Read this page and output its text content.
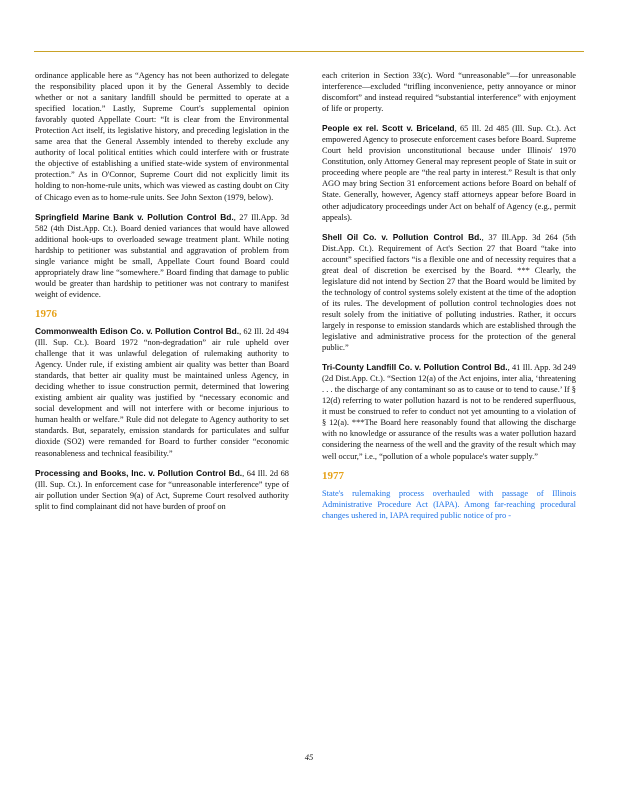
ordinance applicable here as “Agency has not been authorized to delegate the responsibility placed upon it by the General Assembly to decide whether or not a sanitary landfill should be permitted to operate at a specified location.” Lastly, Supreme Court's supplemental opinion favorably quoted Appellate Court: “It is clear from the Environmental Protection Act itself, its legislative history, and preceding legislation in the same area that the General Assembly intended to thereby exclude any authority of local political entities which could interfere with or frustrate the objective of establishing a unified state-wide system of environmental protection.” As in O'Connor, Supreme Court did not explicitly limit its holding to non-home-rule units, which was viewed as casting doubt on City of Chicago even as to home-rule units. See John Sexton (1979, below).

Springfield Marine Bank v. Pollution Control Bd., 27 Ill.App. 3d 582 (4th Dist.App. Ct.). Board denied variances that would have allowed additional hook-ups to overloaded sewage treatment plant. While noting hardship to petitioner was substantial and aggravation of problem from single variance might be small, Appellate Court found Board could appropriately draw line “somewhere.” Board finding that damage to public would be greater than hardship to petitioner was not contrary to manifest weight of evidence.

1976

Commonwealth Edison Co. v. Pollution Control Bd., 62 Ill. 2d 494 (Ill. Sup. Ct.). Board 1972 “non-degradation” air rule upheld over challenge that it was unlawful delegation of rulemaking authority to Agency. Under rule, if existing ambient air quality was better than Board standards, that better air quality must be maintained unless Agency, in deciding whether to issue construction permit, determined that lowering existing ambient air quality was justified by “necessary economic and social development and will not interfere with or become injurious to human health or welfare.” Rule did not delegate to Agency authority to set standards. But, separately, emission standards for particulates and sulfur dioxide (SO2) were remanded for Board to further consider “economic reasonableness and technical feasibility.”

Processing and Books, Inc. v. Pollution Control Bd., 64 Ill. 2d 68 (Ill. Sup. Ct.). In enforcement case for “unreasonable interference” type of air pollution under Section 9(a) of Act, Supreme Court resolved authority split to find complainant did not have burden of proof on

each criterion in Section 33(c). Word “unreasonable”—for unreasonable interference—excluded “trifling inconvenience, petty annoyance or minor discomfort” and instead required “substantial interference” with enjoyment of life or property.

People ex rel. Scott v. Briceland, 65 Ill. 2d 485 (Ill. Sup. Ct.). Act empowered Agency to prosecute enforcement cases before Board. Supreme Court held provision unconstitutional because under Illinois' 1970 Constitution, only Attorney General may represent people of State in suit or proceeding where people are “the real party in interest.” Result is that only AGO may bring Section 31 enforcement actions before Board on behalf of State. Generally, however, Agency staff attorneys appear before Board in other adjudicatory proceedings under Act on behalf of Agency (e.g., permit appeals).

Shell Oil Co. v. Pollution Control Bd., 37 Ill.App. 3d 264 (5th Dist.App. Ct.). Requirement of Act's Section 27 that Board “take into account” specified factors “is a flexible one and of necessity requires that a great deal of discretion be exercised by the Board. *** Clearly, the legislature did not intend by Section 27 that the Board would be limited by the technology of control systems solely existent at the time of the adoption of its rules. The development of pollution control technologies does not result solely from the initiative of polluting industries. Rather, it occurs largely in response to emission standards which are established through the legislative and administrative process for the protection of the general public.”

Tri-County Landfill Co. v. Pollution Control Bd., 41 Ill. App. 3d 249 (2d Dist.App. Ct.). “Section 12(a) of the Act enjoins, inter alia, ‘threatening . . . the discharge of any contaminant so as to cause or to tend to cause.’ If § 12(d) referring to water pollution hazard is not to be rendered superfluous, it must be construed to refer to conduct not yet amounting to a violation of § 12(a). ***The Board here reasonably found that allowing the discharge with no knowledge or assurance of the results was a water pollution hazard considering the nearness of the well and the gravity of the result which may well occur,” i.e., “pollution of a whole populace's water supply.”

1977

State's rulemaking process overhauled with passage of Illinois Administrative Procedure Act (IAPA). Among far-reaching procedural changes ushered in, IAPA required public notice of pro -

45
